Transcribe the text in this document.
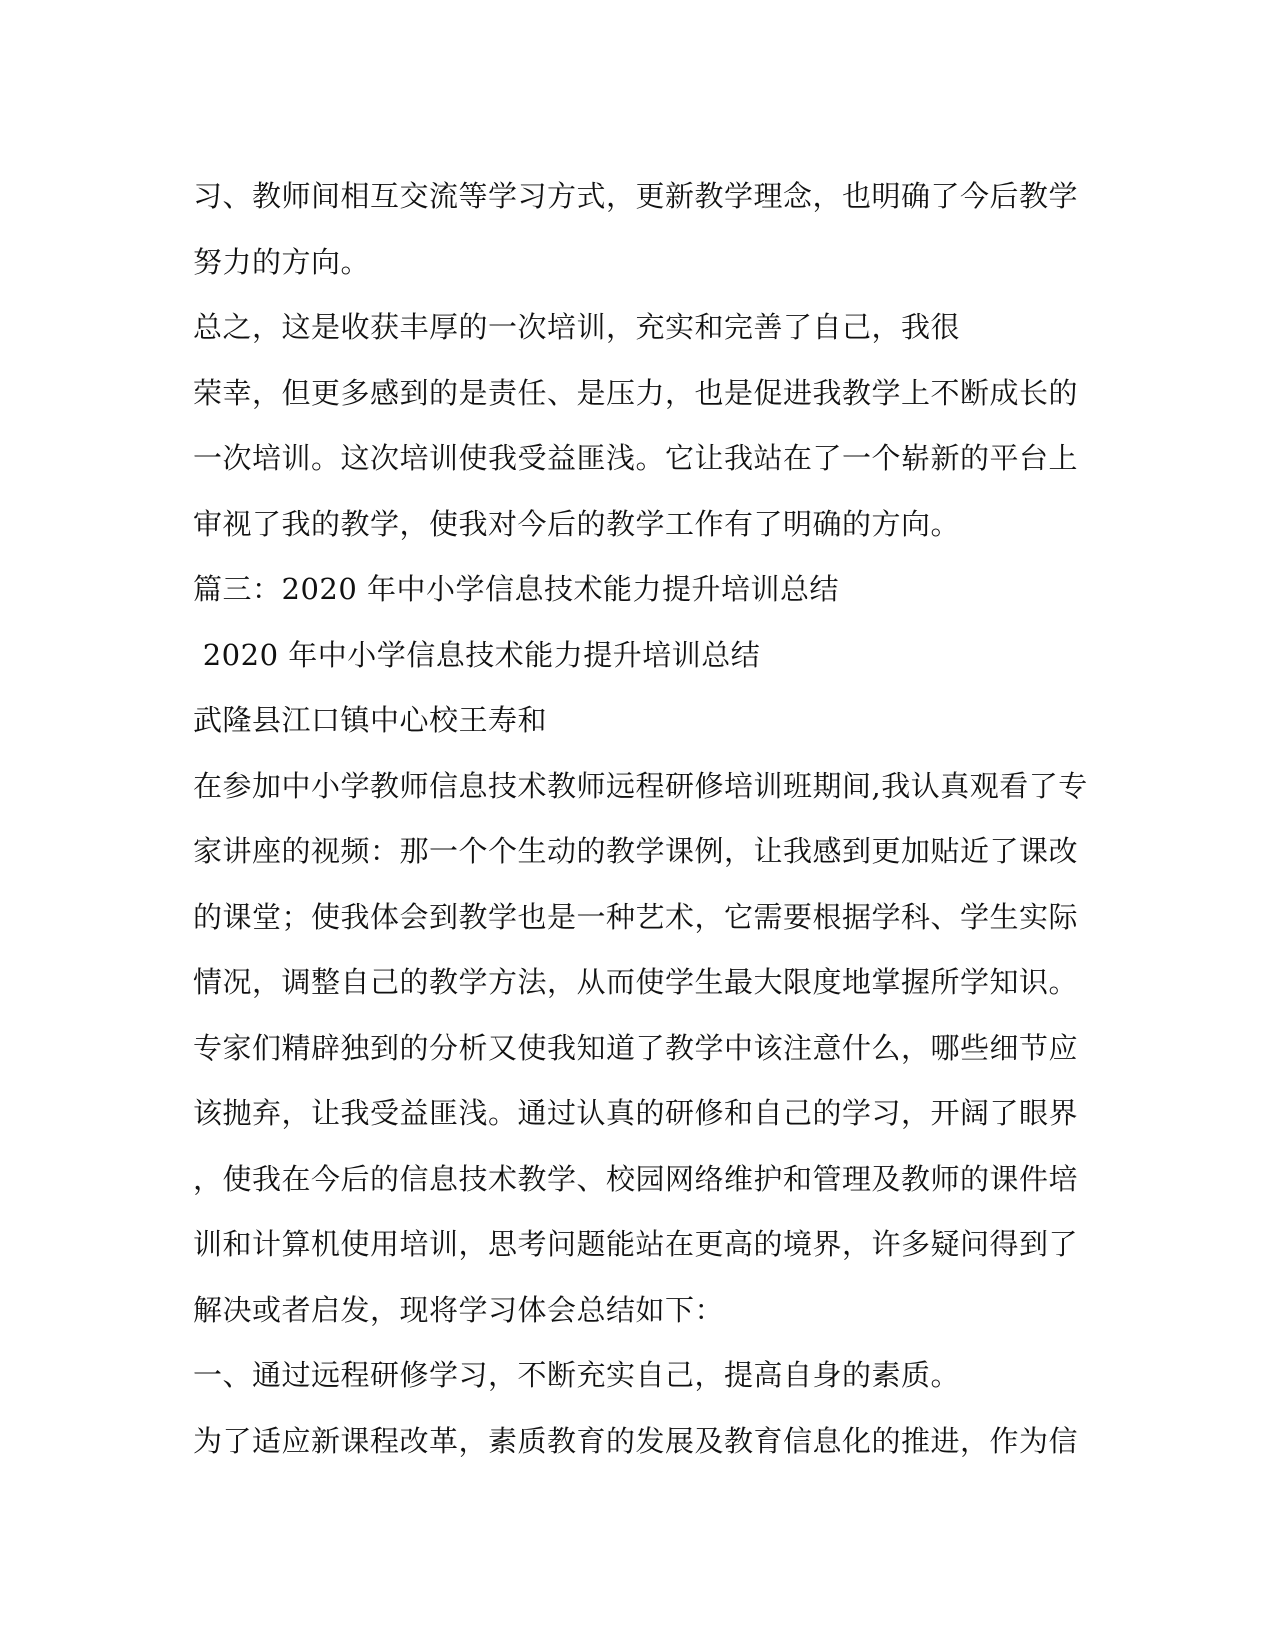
习、教师间相互交流等学习方式，更新教学理念，也明确了今后教学
努力的方向。
总之，这是收获丰厚的一次培训，充实和完善了自己，我很
荣幸，但更多感到的是责任、是压力，也是促进我教学上不断成长的
一次培训。这次培训使我受益匪浅。它让我站在了一个崭新的平台上
审视了我的教学，使我对今后的教学工作有了明确的方向。
篇三：2020 年中小学信息技术能力提升培训总结
2020 年中小学信息技术能力提升培训总结
武隆县江口镇中心校王寿和
在参加中小学教师信息技术教师远程研修培训班期间,我认真观看了专
家讲座的视频：那一个个生动的教学课例，让我感到更加贴近了课改
的课堂；使我体会到教学也是一种艺术，它需要根据学科、学生实际
情况，调整自己的教学方法，从而使学生最大限度地掌握所学知识。
专家们精辟独到的分析又使我知道了教学中该注意什么，哪些细节应
该抛弃，让我受益匪浅。通过认真的研修和自己的学习，开阔了眼界
，使我在今后的信息技术教学、校园网络维护和管理及教师的课件培
训和计算机使用培训，思考问题能站在更高的境界，许多疑问得到了
解决或者启发，现将学习体会总结如下：
一、通过远程研修学习，不断充实自己，提高自身的素质。
为了适应新课程改革，素质教育的发展及教育信息化的推进，作为信
